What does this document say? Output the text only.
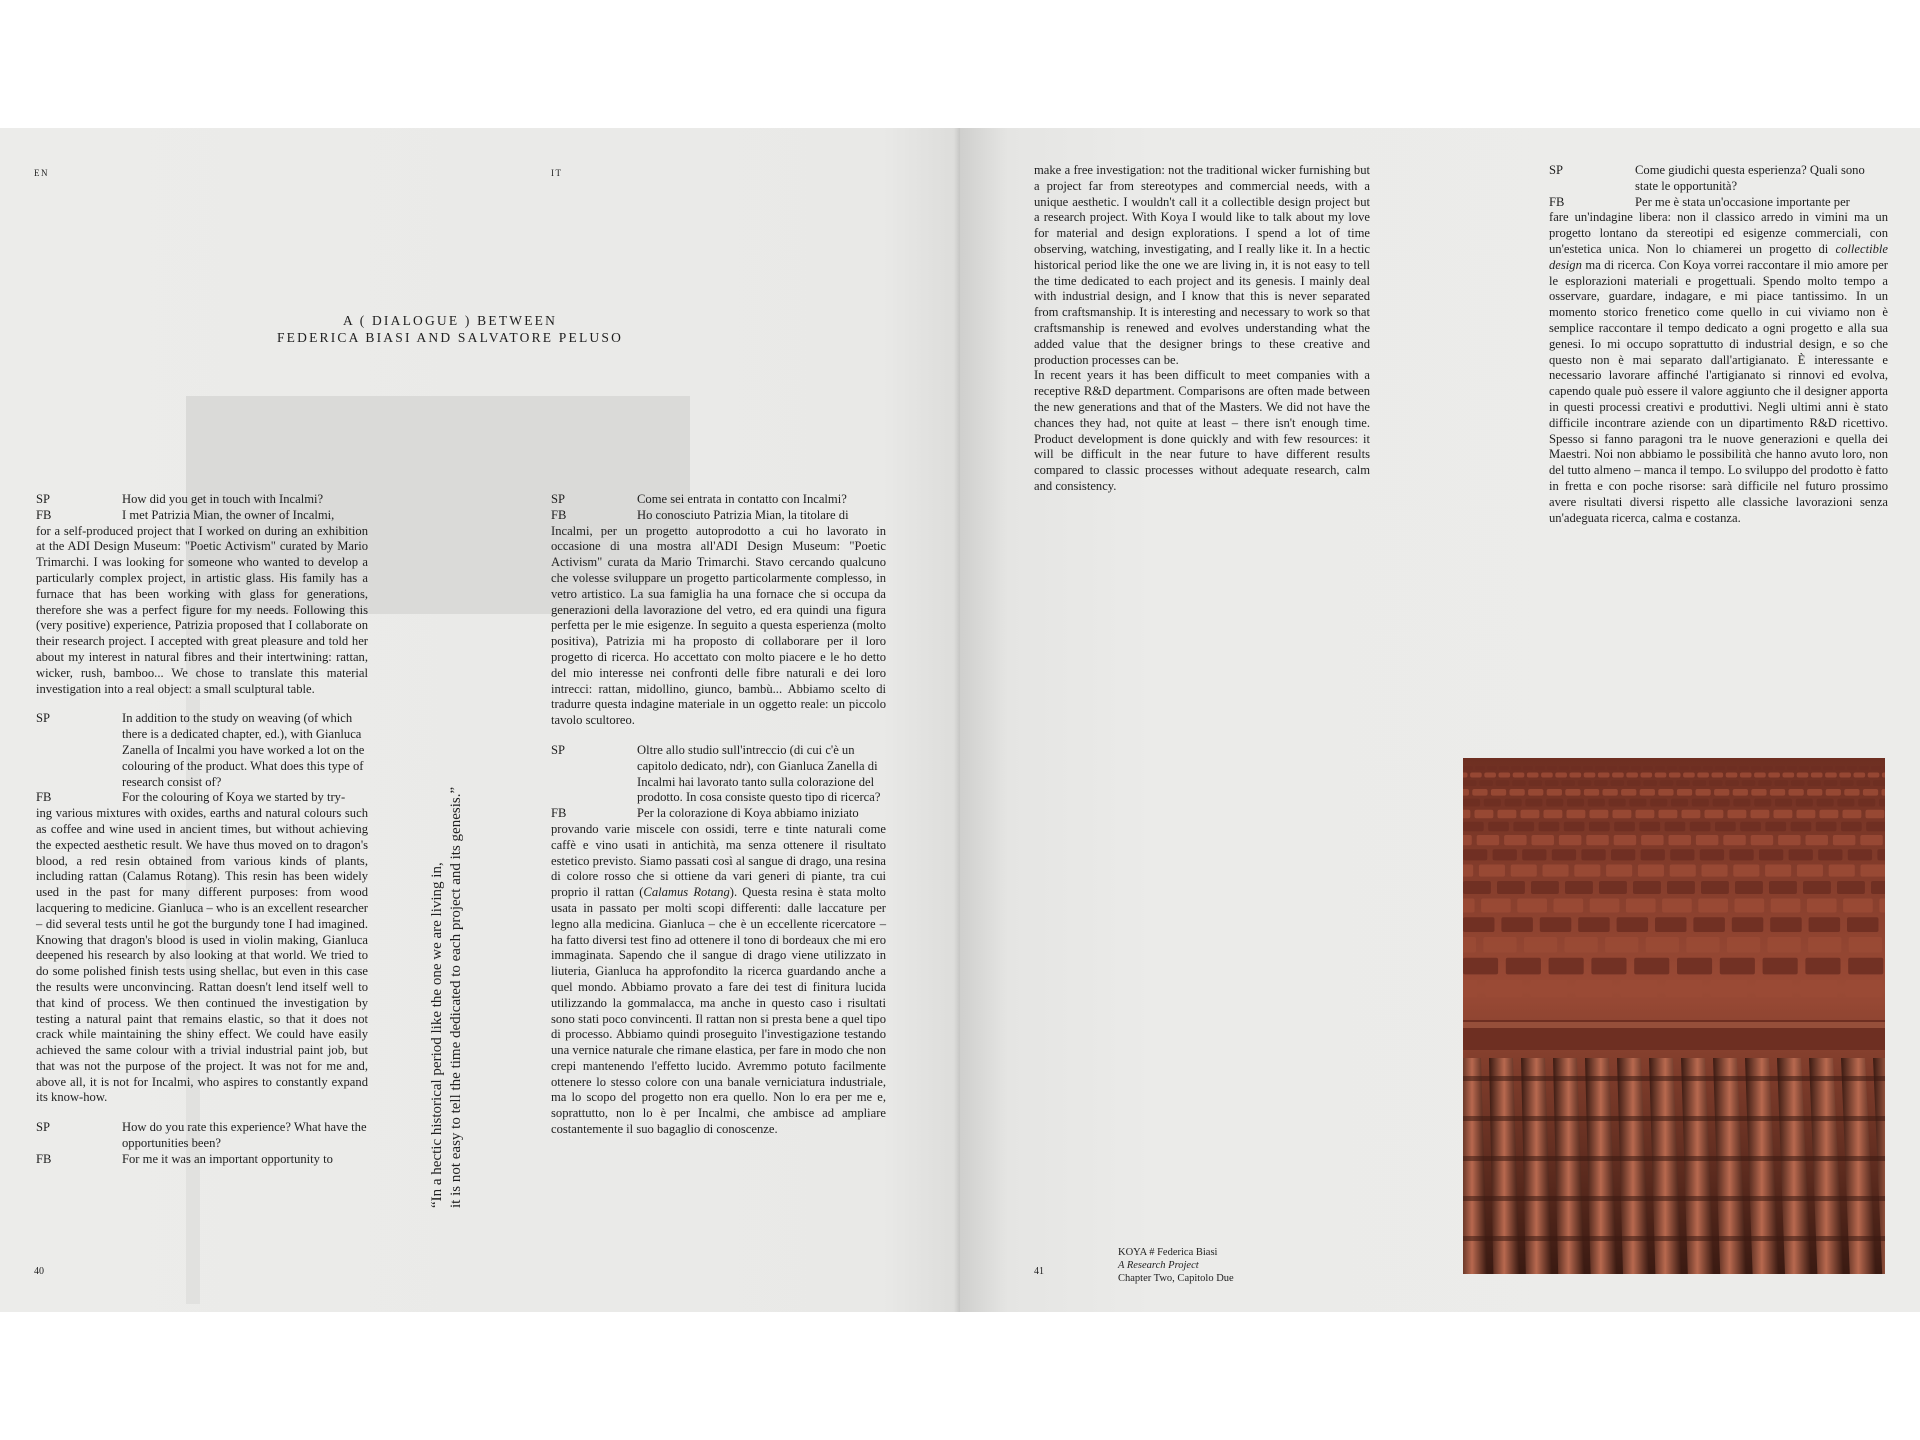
EN	IT
A ( DIALOGUE ) BETWEEN
FEDERICA BIASI AND SALVATORE PELUSO
SP	How did you get in touch with Incalmi?
FB	I met Patrizia Mian, the owner of Incalmi,

for a self-produced project that I worked on during an exhibition at the ADI Design Museum: "Poetic Activism" curated by Mario Trimarchi. I was looking for someone who wanted to develop a particularly complex project, in artistic glass. His family has a furnace that has been working with glass for generations, therefore she was a perfect figure for my needs. Following this (very positive) experience, Patrizia proposed that I collaborate on their research project. I accepted with great pleasure and told her about my interest in natural fibres and their intertwining: rattan, wicker, rush, bamboo... We chose to translate this material investigation into a real object: a small sculptural table.

SP	In addition to the study on weaving (of which there is a dedicated chapter, ed.), with Gianluca Zanella of Incalmi you have worked a lot on the colouring of the product. What does this type of research consist of?
FB	For the colouring of Koya we started by try-

ing various mixtures with oxides, earths and natural colours such as coffee and wine used in ancient times, but without achieving the expected aesthetic result. We have thus moved on to dragon's blood, a red resin obtained from various kinds of plants, including rattan (Calamus Rotang). This resin has been widely used in the past for many different purposes: from wood lacquering to medicine. Gianluca – who is an excellent researcher – did several tests until he got the burgundy tone I had imagined. Knowing that dragon's blood is used in violin making, Gianluca deepened his research by also looking at that world. We tried to do some polished finish tests using shellac, but even in this case the results were unconvincing. Rattan doesn't lend itself well to that kind of process. We then continued the investigation by testing a natural paint that remains elastic, so that it does not crack while maintaining the shiny effect. We could have easily achieved the same colour with a trivial industrial paint job, but that was not the purpose of the project. It was not for me and, above all, it is not for Incalmi, who aspires to constantly expand its know-how.

SP	How do you rate this experience? What have the opportunities been?
FB	For me it was an important opportunity to	“In a hectic historical period like the one we are living in, it is not easy to tell the time dedicated to each project and its genesis.”
SP	Come sei entrata in contatto con Incalmi?
FB	Ho conosciuto Patrizia Mian, la titolare di

Incalmi, per un progetto autoprodotto a cui ho lavorato in occasione di una mostra all'ADI Design Museum: "Poetic Activism" curata da Mario Trimarchi. Stavo cercando qualcuno che volesse sviluppare un progetto particolarmente complesso, in vetro artistico. La sua famiglia ha una fornace che si occupa da generazioni della lavorazione del vetro, ed era quindi una figura perfetta per le mie esigenze. In seguito a questa esperienza (molto positiva), Patrizia mi ha proposto di collaborare per il loro progetto di ricerca. Ho accettato con molto piacere e le ho detto del mio interesse nei confronti delle fibre naturali e dei loro intrecci: rattan, midollino, giunco, bambù... Abbiamo scelto di tradurre questa indagine materiale in un oggetto reale: un piccolo tavolo scultoreo.

SP	Oltre allo studio sull'intreccio (di cui c'è un capitolo dedicato, ndr), con Gianluca Zanella di Incalmi hai lavorato tanto sulla colorazione del prodotto. In cosa consiste questo tipo di ricerca?
FB	Per la colorazione di Koya abbiamo iniziato

provando varie miscele con ossidi, terre e tinte naturali come caffè e vino usati in antichità, ma senza ottenere il risultato estetico previsto. Siamo passati così al sangue di drago, una resina di colore rosso che si ottiene da vari generi di piante, tra cui proprio il rattan (Calamus Rotang). Questa resina è stata molto usata in passato per molti scopi differenti: dalle laccature per legno alla medicina. Gianluca – che è un eccellente ricercatore – ha fatto diversi test fino ad ottenere il tono di bordeaux che mi ero immaginata. Sapendo che il sangue di drago viene utilizzato in liuteria, Gianluca ha approfondito la ricerca guardando anche a quel mondo. Abbiamo provato a fare dei test di finitura lucida utilizzando la gommalacca, ma anche in questo caso i risultati sono stati poco convincenti. Il rattan non si presta bene a quel tipo di processo. Abbiamo quindi proseguito l'investigazione testando una vernice naturale che rimane elastica, per fare in modo che non crepi mantenendo l'effetto lucido. Avremmo potuto facilmente ottenere lo stesso colore con una banale verniciatura industriale, ma lo scopo del progetto non era quello. Non lo era per me e, soprattutto, non lo è per Incalmi, che ambisce ad ampliare costantemente il suo bagaglio di conoscenze.

40

make a free investigation: not the traditional wicker furnishing but a project far from stereotypes and commercial needs, with a unique aesthetic. I wouldn't call it a collectible design project but a research project. With Koya I would like to talk about my love for material and design explorations. I spend a lot of time observing, watching, investigating, and I really like it. In a hectic historical period like the one we are living in, it is not easy to tell the time dedicated to each project and its genesis. I mainly deal with industrial design, and I know that this is never separated from craftsmanship. It is interesting and necessary to work so that craftsmanship is renewed and evolves understanding what the added value that the designer brings to these creative and production processes can be.

In recent years it has been difficult to meet companies with a receptive R&D department. Comparisons are often made between the new generations and that of the Masters. We did not have the chances they had, not quite at least – there isn't enough time. Product development is done quickly and with few resources: it will be difficult in the near future to have different results compared to classic processes without adequate research, calm and consistency.

SP	Come giudichi questa esperienza? Quali sono state le opportunità?
FB	Per me è stata un'occasione importante per

fare un'indagine libera: non il classico arredo in vimini ma un progetto lontano da stereotipi ed esigenze commerciali, con un'estetica unica. Non lo chiamerei un progetto di collectible design ma di ricerca. Con Koya vorrei raccontare il mio amore per le esplorazioni materiali e progettuali. Spendo molto tempo a osservare, guardare, indagare, e mi piace tantissimo. In un momento storico frenetico come quello in cui viviamo non è semplice raccontare il tempo dedicato a ogni progetto e alla sua genesi. Io mi occupo soprattutto di industrial design, e so che questo non è mai separato dall'artigianato. È interessante e necessario lavorare affinché l'artigianato si rinnovi ed evolva, capendo quale può essere il valore aggiunto che il designer apporta in questi processi creativi e produttivi. Negli ultimi anni è stato difficile incontrare aziende con un dipartimento R&D ricettivo. Spesso si fanno paragoni tra le nuove generazioni e quella dei Maestri. Noi non abbiamo le possibilità che hanno avuto loro, non del tutto almeno – manca il tempo. Lo sviluppo del prodotto è fatto in fretta e con poche risorse: sarà difficile nel futuro prossimo avere risultati diversi rispetto alle classiche lavorazioni senza un'adeguata ricerca, calma e costanza.

KOYA # Federica Biasi
A Research Project
Chapter Two, Capitolo Due
41
